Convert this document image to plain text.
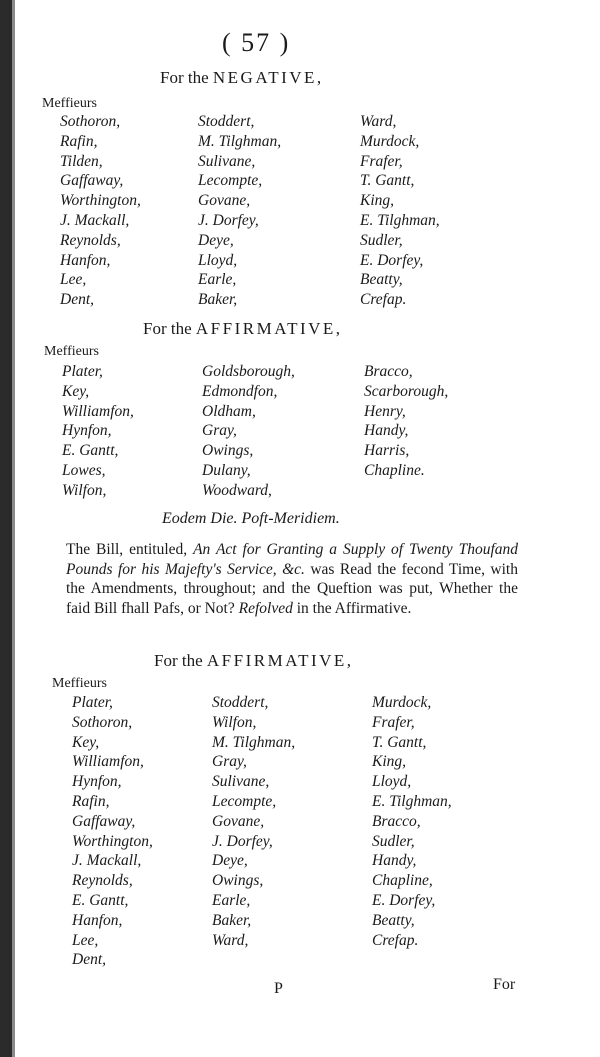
( 57 )
For the NEGATIVE,
Meffieurs
Sothoron,
Rafin,
Tilden,
Gaffaway,
Worthington,
J. Mackall,
Reynolds,
Hanfon,
Lee,
Dent,
Stoddert,
M. Tilghman,
Sulivane,
Lecompte,
Govane,
J. Dorfey,
Deye,
Lloyd,
Earle,
Baker,
Ward,
Murdock,
Frafer,
T. Gantt,
King,
E. Tilghman,
Sudler,
E. Dorfey,
Beatty,
Crefap.
For the AFFIRMATIVE,
Meffieurs
Plater,
Key,
Williamfon,
Hynfon,
E. Gantt,
Lowes,
Wilfon,
Goldsborough,
Edmondfon,
Oldham,
Gray,
Owings,
Dulany,
Woodward,
Bracco,
Scarborough,
Henry,
Handy,
Harris,
Chapline.
Eodem Die. Poft-Meridiem.
The Bill, entituled, An Act for Granting a Supply of Twenty Thoufand Pounds for his Majefty's Service, &c. was Read the fecond Time, with the Amendments, throughout; and the Queftion was put, Whether the faid Bill fhall Pafs, or Not? Refolved in the Affirmative.
For the AFFIRMATIVE,
Meffieurs
Plater,
Sothoron,
Key,
Williamfon,
Hynfon,
Rafin,
Gaffaway,
Worthington,
J. Mackall,
Reynolds,
E. Gantt,
Hanfon,
Lee,
Dent,
Stoddert,
Wilfon,
M. Tilghman,
Gray,
Sulivane,
Lecompte,
Govane,
J. Dorfey,
Deye,
Owings,
Earle,
Baker,
Ward,
Murdock,
Frafer,
T. Gantt,
King,
Lloyd,
E. Tilghman,
Bracco,
Sudler,
Handy,
Chapline,
E. Dorfey,
Beatty,
Crefap.
P	For
